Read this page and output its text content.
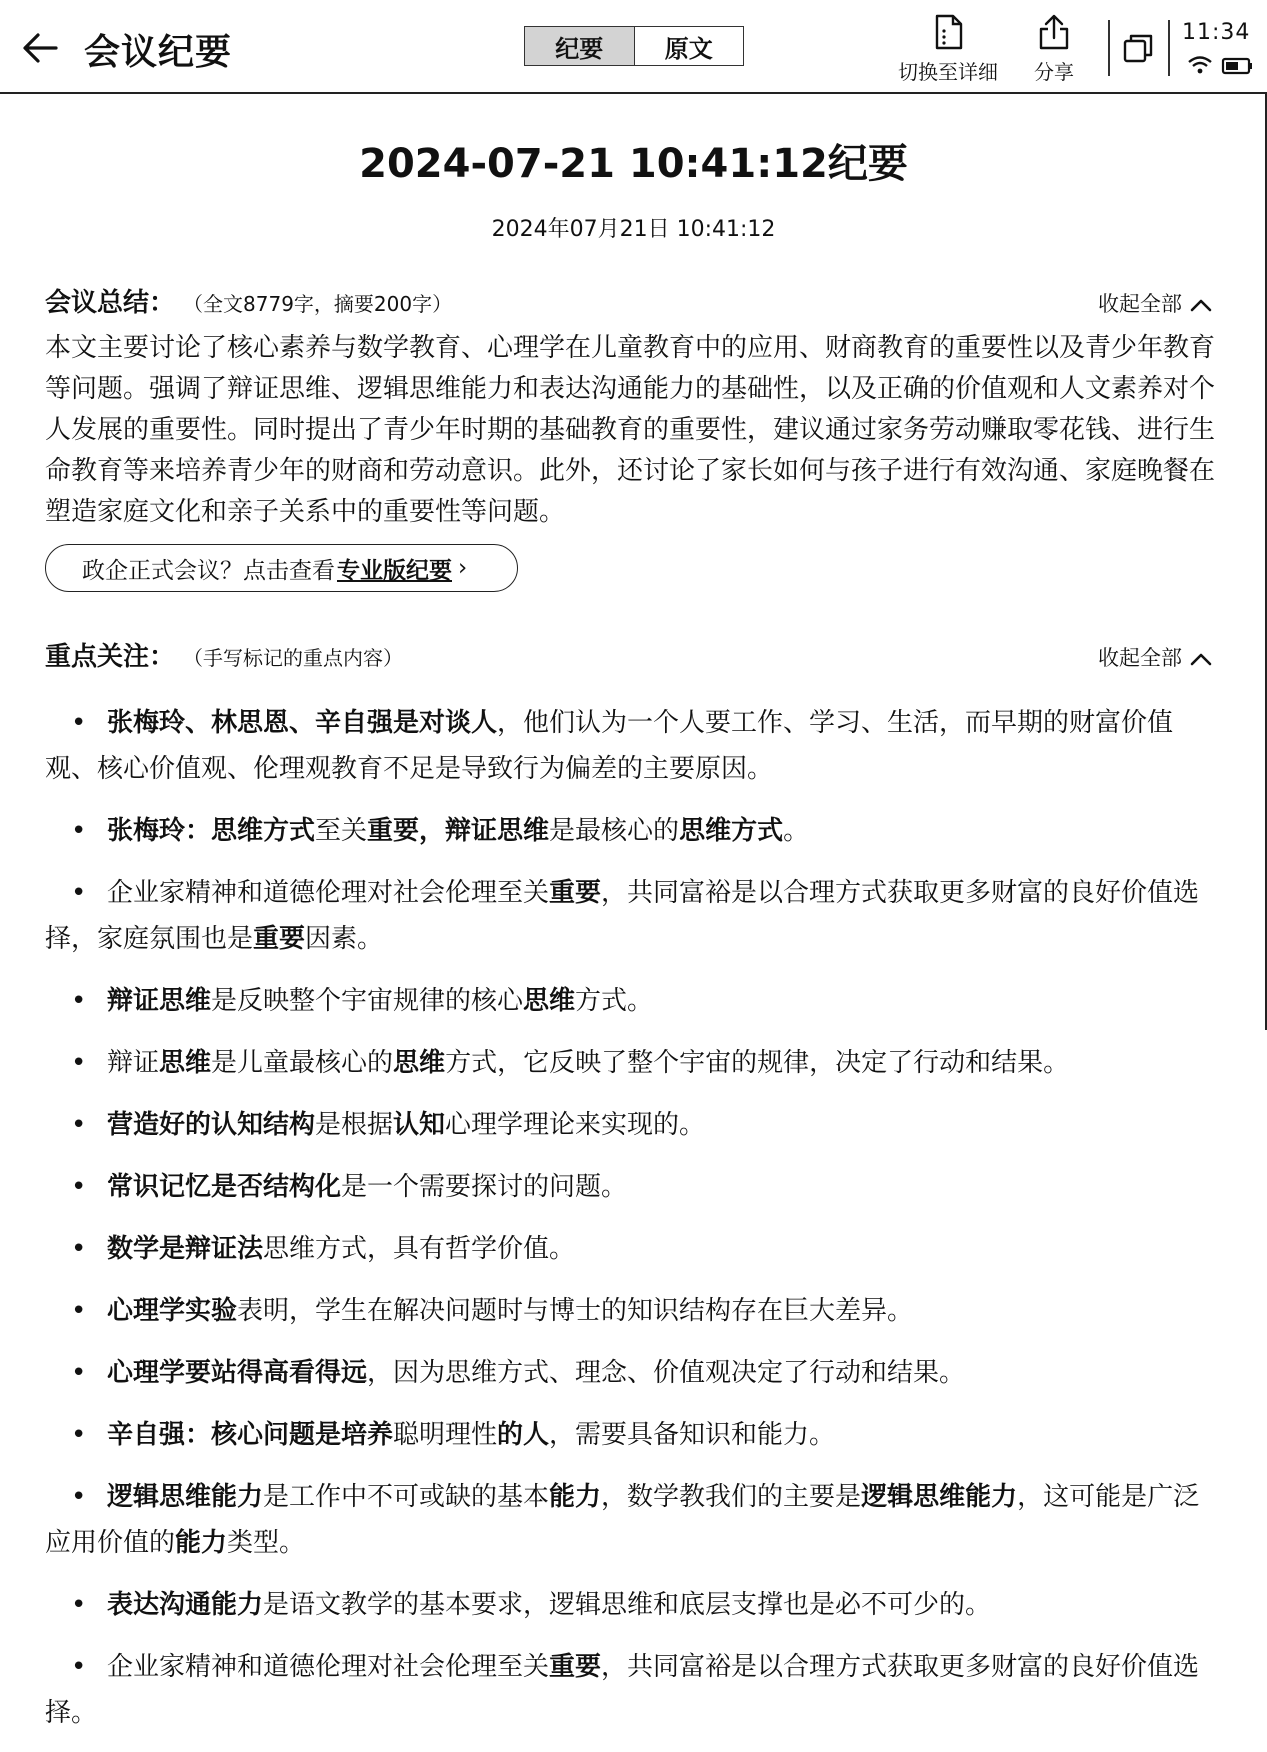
会议纪要	纪要	原文
切换至详细	分享
11:34
2024-07-21 10:41:12纪要
2024年07月21日 10:41:12
会议总结： （全文8779字，摘要200字）	收起全部
本文主要讨论了核心素养与数学教育、心理学在儿童教育中的应用、财商教育的重要性以及青少年教育等问题。强调了辩证思维、逻辑思维能力和表达沟通能力的基础性，以及正确的价值观和人文素养对个人发展的重要性。同时提出了青少年时期的基础教育的重要性，建议通过家务劳动赚取零花钱、进行生命教育等来培养青少年的财商和劳动意识。此外，还讨论了家长如何与孩子进行有效沟通、家庭晚餐在塑造家庭文化和亲子关系中的重要性等问题。
政企正式会议？点击查看 专业版纪要 ›
重点关注： （手写标记的重点内容）	收起全部
• 张梅玲、林思恩、辛自强是对谈人，他们认为一个人要工作、学习、生活，而早期的财富价值观、核心价值观、伦理观教育不足是导致行为偏差的主要原因。
• 张梅玲：思维方式至关重要，辩证思维是最核心的思维方式。
• 企业家精神和道德伦理对社会伦理至关重要，共同富裕是以合理方式获取更多财富的良好价值选择，家庭氛围也是重要因素。
• 辩证思维是反映整个宇宙规律的核心思维方式。
• 辩证思维是儿童最核心的思维方式，它反映了整个宇宙的规律，决定了行动和结果。
• 营造好的认知结构是根据认知心理学理论来实现的。
• 常识记忆是否结构化是一个需要探讨的问题。
• 数学是辩证法思维方式，具有哲学价值。
• 心理学实验表明，学生在解决问题时与博士的知识结构存在巨大差异。
• 心理学要站得高看得远，因为思维方式、理念、价值观决定了行动和结果。
• 辛自强：核心问题是培养聪明理性的人，需要具备知识和能力。
• 逻辑思维能力是工作中不可或缺的基本能力，数学教我们的主要是逻辑思维能力，这可能是广泛应用价值的能力类型。
• 表达沟通能力是语文教学的基本要求，逻辑思维和底层支撑也是必不可少的。
• 企业家精神和道德伦理对社会伦理至关重要，共同富裕是以合理方式获取更多财富的良好价值选择。
